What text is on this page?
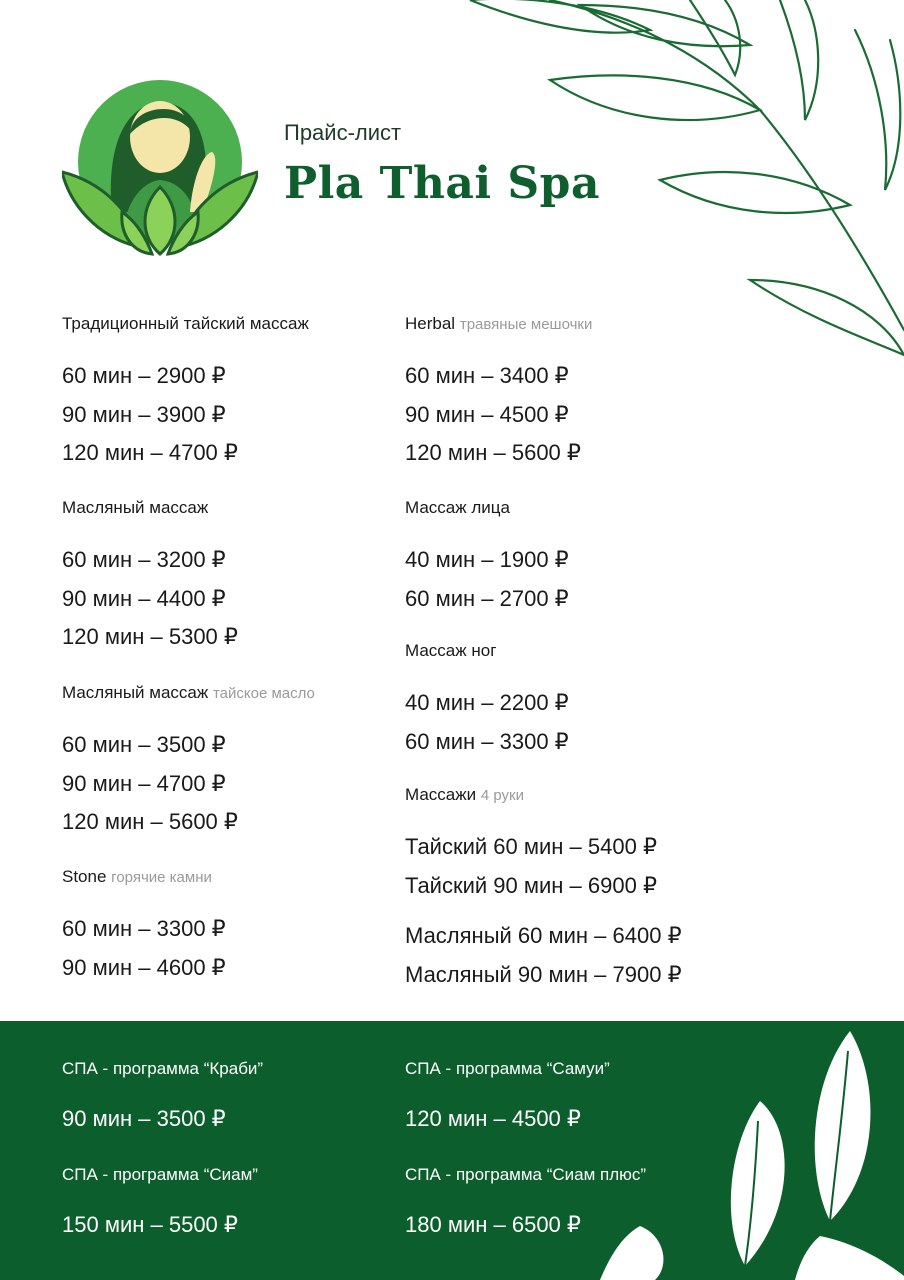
Прайс-лист
Pla Thai Spa
Традиционный тайский массаж
60 мин – 2900 ₽
90 мин – 3900 ₽
120 мин – 4700 ₽
Масляный массаж
60 мин – 3200 ₽
90 мин – 4400 ₽
120 мин – 5300 ₽
Масляный массаж тайское масло
60 мин – 3500 ₽
90 мин – 4700 ₽
120 мин – 5600 ₽
Stone горячие камни
60 мин – 3300 ₽
90 мин – 4600 ₽
Herbal травяные мешочки
60 мин – 3400 ₽
90 мин – 4500 ₽
120 мин – 5600 ₽
Массаж лица
40 мин – 1900 ₽
60 мин – 2700 ₽
Массаж ног
40 мин – 2200 ₽
60 мин – 3300 ₽
Массажи 4 руки
Тайский 60 мин – 5400 ₽
Тайский 90 мин – 6900 ₽
Масляный 60 мин – 6400 ₽
Масляный 90 мин – 7900 ₽
СПА - программа “Краби”
90 мин – 3500 ₽
СПА - программа “Самуи”
120 мин – 4500 ₽
СПА - программа “Сиам”
150 мин – 5500 ₽
СПА - программа “Сиам плюс”
180 мин – 6500 ₽
